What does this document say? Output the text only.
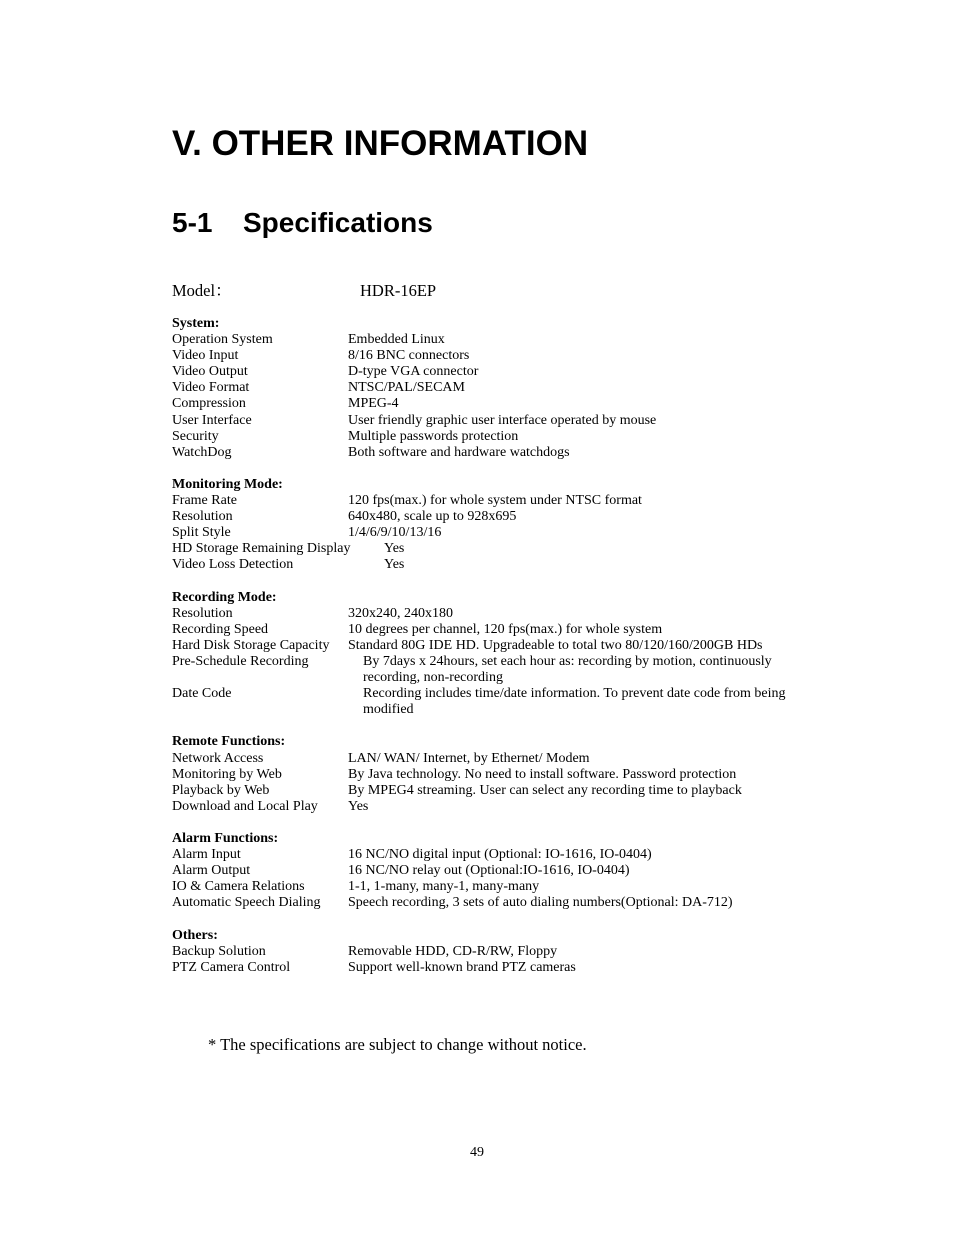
V. OTHER INFORMATION
5-1 Specifications
Model：	HDR-16EP
System:
Operation System	Embedded Linux
Video Input	8/16 BNC connectors
Video Output	D-type VGA connector
Video Format	NTSC/PAL/SECAM
Compression	MPEG-4
User Interface	User friendly graphic user interface operated by mouse
Security	Multiple passwords protection
WatchDog	Both software and hardware watchdogs
Monitoring Mode:
Frame Rate	120 fps(max.) for whole system under NTSC format
Resolution	640x480, scale up to 928x695
Split Style	1/4/6/9/10/13/16
HD Storage Remaining Display Yes
Video Loss Detection	Yes
Recording Mode:
Resolution	320x240, 240x180
Recording Speed	10 degrees per channel, 120 fps(max.) for whole system
Hard Disk Storage Capacity Standard 80G IDE HD. Upgradeable to total two 80/120/160/200GB HDs
Pre-Schedule Recording	By 7days x 24hours, set each hour as: recording by motion, continuously recording, non-recording
Date Code	Recording includes time/date information. To prevent date code from being modified
Remote Functions:
Network Access	LAN/ WAN/ Internet, by Ethernet/ Modem
Monitoring by Web	By Java technology. No need to install software. Password protection
Playback by Web	By MPEG4 streaming. User can select any recording time to playback
Download and Local Play Yes
Alarm Functions:
Alarm Input	16 NC/NO digital input (Optional: IO-1616, IO-0404)
Alarm Output	16 NC/NO relay out (Optional:IO-1616, IO-0404)
IO & Camera Relations	1-1, 1-many, many-1, many-many
Automatic Speech Dialing Speech recording, 3 sets of auto dialing numbers(Optional: DA-712)
Others:
Backup Solution	Removable HDD, CD-R/RW, Floppy
PTZ Camera Control	Support well-known brand PTZ cameras
* The specifications are subject to change without notice.
49
